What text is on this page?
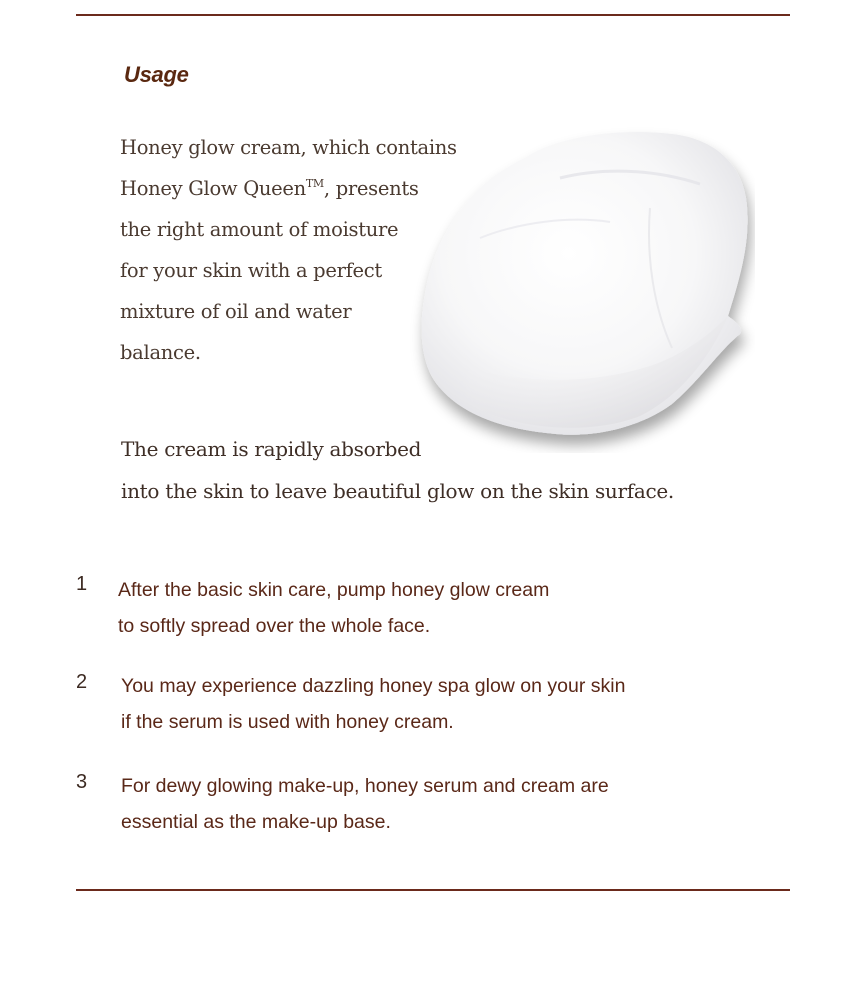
Usage

Honey glow cream, which contains
Honey Glow Queen™, presents
the right amount of moisture
for your skin with a perfect
mixture of oil and water
balance.

The cream is rapidly absorbed
into the skin to leave beautiful glow on the skin surface.

1 After the basic skin care, pump honey glow cream
to softly spread over the whole face.

2 You may experience dazzling honey spa glow on your skin
if the serum is used with honey cream.

3 For dewy glowing make-up, honey serum and cream are
essential as the make-up base.
